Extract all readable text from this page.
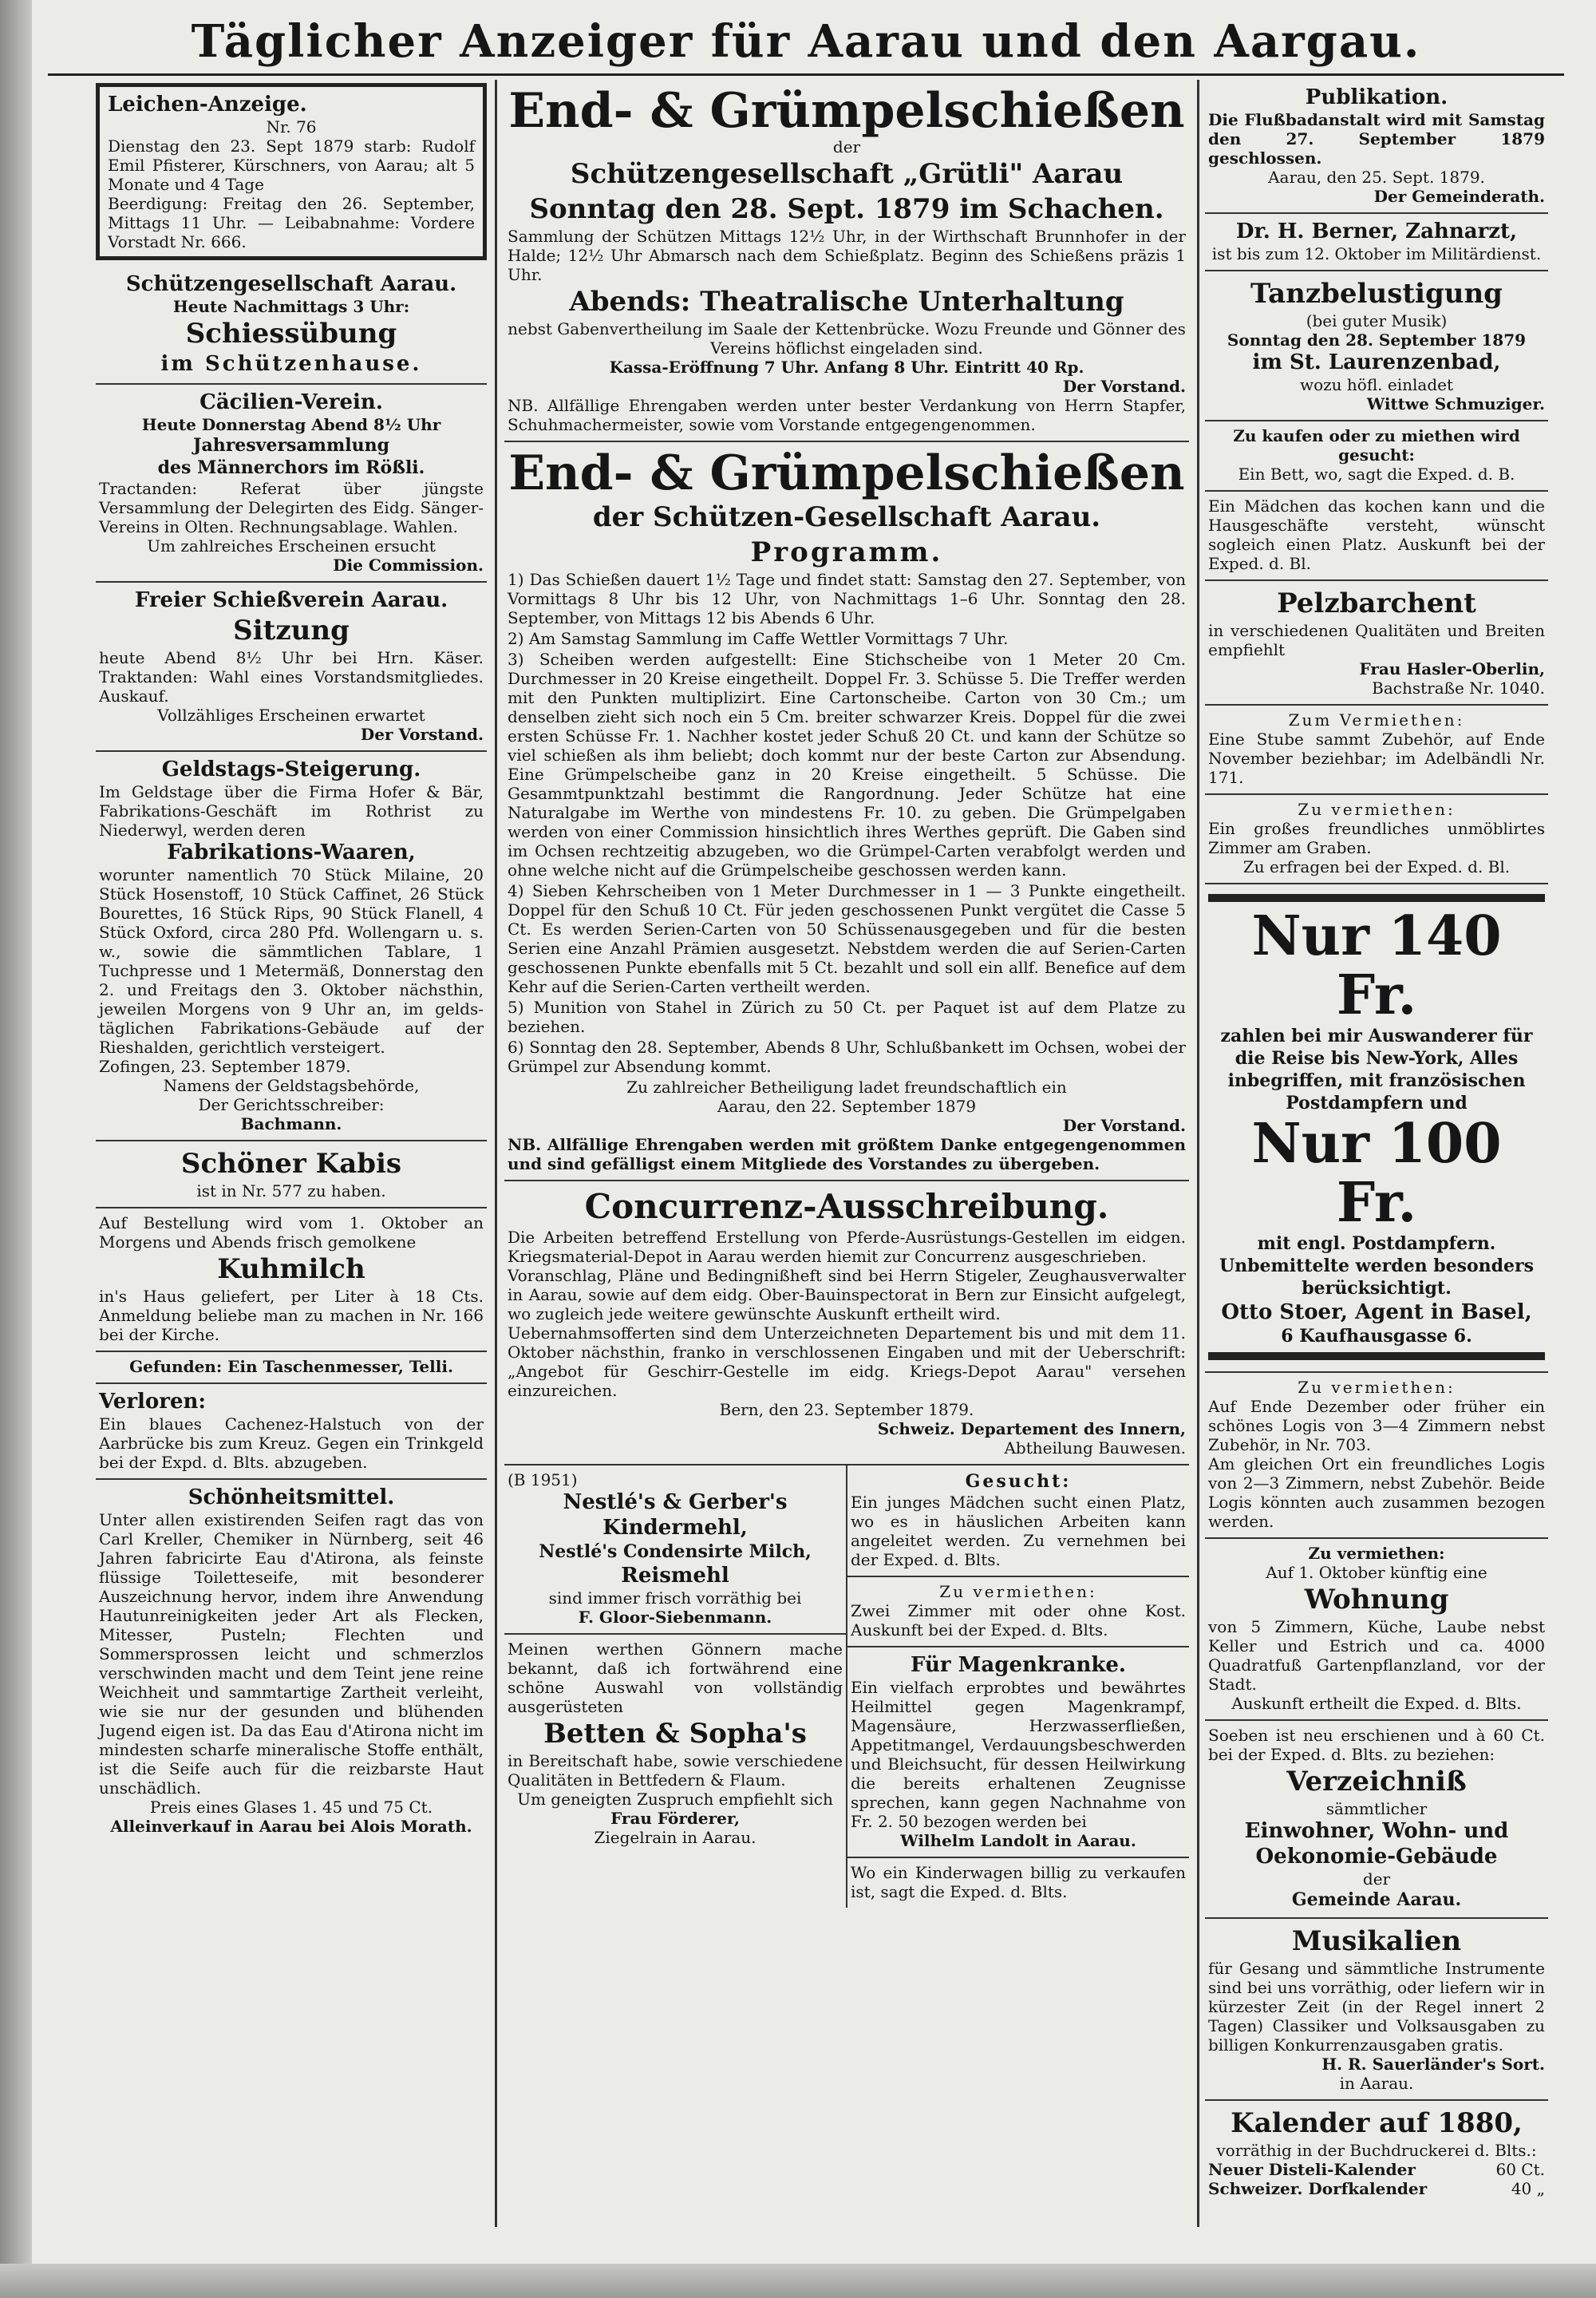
Täglicher Anzeiger für Aarau und den Aargau.

Leichen-Anzeige.

Nr. 76

Dienstag den 23. Sept 1879 starb: Rudolf Emil Pfisterer, Kürschners, von Aarau; alt 5 Monate und 4 Tage

Beerdigung: Freitag den 26. September, Mittags 11 Uhr. — Leibabnahme: Vordere Vorstadt Nr. 666.

Schützengesellschaft Aarau.

Heute Nachmittags 3 Uhr:

Schiessübung

im Schützenhause.

Cäcilien-Verein.

Heute Donnerstag Abend 8½ Uhr

Jahresversammlung

des Männerchors im Rößli.

Tractanden: Referat über jüngste Versammlung der Delegirten des Eidg. Sänger-Vereins in Olten. Rechnungsablage. Wahlen.

Um zahlreiches Erscheinen ersucht

Die Commission.

Freier Schießverein Aarau.

Sitzung

heute Abend 8½ Uhr bei Hrn. Käser. Traktanden: Wahl eines Vorstandsmitgliedes. Auskauf.

Vollzähliges Erscheinen erwartet

Der Vorstand.

Geldstags-Steigerung.

Im Geldstage über die Firma Hofer & Bär, Fabrikations-Geschäft im Rothrist zu Niederwyl, werden deren

Fabrikations-Waaren,

worunter namentlich 70 Stück Milaine, 20 Stück Hosenstoff, 10 Stück Caffinet, 26 Stück Bourettes, 16 Stück Rips, 90 Stück Flanell, 4 Stück Oxford, circa 280 Pfd. Wollengarn u. s. w., sowie die sämmtlichen Tablare, 1 Tuchpresse und 1 Metermäß, Donnerstag den 2. und Freitags den 3. Oktober nächsthin, jeweilen Morgens von 9 Uhr an, im gelds-täglichen Fabrikations-Gebäude auf der Rieshalden, gerichtlich versteigert.

Zofingen, 23. September 1879.

Namens der Geldstagsbehörde,

Der Gerichtsschreiber:

Bachmann.

Schöner Kabis

ist in Nr. 577 zu haben.

Auf Bestellung wird vom 1. Oktober an Morgens und Abends frisch gemolkene

Kuhmilch

in's Haus geliefert, per Liter à 18 Cts. Anmeldung beliebe man zu machen in Nr. 166 bei der Kirche.

Gefunden: Ein Taschenmesser, Telli.

Verloren:

Ein blaues Cachenez-Halstuch von der Aarbrücke bis zum Kreuz. Gegen ein Trinkgeld bei der Expd. d. Blts. abzugeben.

Schönheitsmittel.

Unter allen existirenden Seifen ragt das von Carl Kreller, Chemiker in Nürnberg, seit 46 Jahren fabricirte Eau d'Atirona, als feinste flüssige Toiletteseife, mit besonderer Auszeichnung hervor, indem ihre Anwendung Hautunreinigkeiten jeder Art als Flecken, Mitesser, Pusteln; Flechten und Sommersprossen leicht und schmerzlos verschwinden macht und dem Teint jene reine Weichheit und sammtartige Zartheit verleiht, wie sie nur der gesunden und blühenden Jugend eigen ist. Da das Eau d'Atirona nicht im mindesten scharfe mineralische Stoffe enthält, ist die Seife auch für die reizbarste Haut unschädlich.

Preis eines Glases 1. 45 und 75 Ct.

Alleinverkauf in Aarau bei Alois Morath.

End- & Grümpelschießen

der

Schützengesellschaft „Grütli" Aarau

Sonntag den 28. Sept. 1879 im Schachen.

Sammlung der Schützen Mittags 12½ Uhr, in der Wirthschaft Brunnhofer in der Halde; 12½ Uhr Abmarsch nach dem Schießplatz. Beginn des Schießens präzis 1 Uhr.

Abends: Theatralische Unterhaltung

nebst Gabenvertheilung im Saale der Kettenbrücke. Wozu Freunde und Gönner des Vereins höflichst eingeladen sind.

Kassa-Eröffnung 7 Uhr. Anfang 8 Uhr. Eintritt 40 Rp.

Der Vorstand.

NB. Allfällige Ehrengaben werden unter bester Verdankung von Herrn Stapfer, Schuhmachermeister, sowie vom Vorstande entgegengenommen.

End- & Grümpelschießen

der Schützen-Gesellschaft Aarau.

Programm.

1) Das Schießen dauert 1½ Tage und findet statt: Samstag den 27. September, von Vormittags 8 Uhr bis 12 Uhr, von Nachmittags 1–6 Uhr. Sonntag den 28. September, von Mittags 12 bis Abends 6 Uhr.

2) Am Samstag Sammlung im Caffe Wettler Vormittags 7 Uhr.

3) Scheiben werden aufgestellt: Eine Stichscheibe von 1 Meter 20 Cm. Durchmesser in 20 Kreise eingetheilt. Doppel Fr. 3. Schüsse 5. Die Treffer werden mit den Punkten multiplizirt. Eine Cartonscheibe. Carton von 30 Cm.; um denselben zieht sich noch ein 5 Cm. breiter schwarzer Kreis. Doppel für die zwei ersten Schüsse Fr. 1. Nachher kostet jeder Schuß 20 Ct. und kann der Schütze so viel schießen als ihm beliebt; doch kommt nur der beste Carton zur Absendung. Eine Grümpelscheibe ganz in 20 Kreise eingetheilt. 5 Schüsse. Die Gesammtpunktzahl bestimmt die Rangordnung. Jeder Schütze hat eine Naturalgabe im Werthe von mindestens Fr. 10. zu geben. Die Grümpelgaben werden von einer Commission hinsichtlich ihres Werthes geprüft. Die Gaben sind im Ochsen rechtzeitig abzugeben, wo die Grümpel-Carten verabfolgt werden und ohne welche nicht auf die Grümpelscheibe geschossen werden kann.

4) Sieben Kehrscheiben von 1 Meter Durchmesser in 1 — 3 Punkte eingetheilt. Doppel für den Schuß 10 Ct. Für jeden geschossenen Punkt vergütet die Casse 5 Ct. Es werden Serien-Carten von 50 Schüssenausgegeben und für die besten Serien eine Anzahl Prämien ausgesetzt. Nebstdem werden die auf Serien-Carten geschossenen Punkte ebenfalls mit 5 Ct. bezahlt und soll ein allf. Benefice auf dem Kehr auf die Serien-Carten vertheilt werden.

5) Munition von Stahel in Zürich zu 50 Ct. per Paquet ist auf dem Platze zu beziehen.

6) Sonntag den 28. September, Abends 8 Uhr, Schlußbankett im Ochsen, wobei der Grümpel zur Absendung kommt.

Zu zahlreicher Betheiligung ladet freundschaftlich ein

Aarau, den 22. September 1879

Der Vorstand.

NB. Allfällige Ehrengaben werden mit größtem Danke entgegengenommen und sind gefälligst einem Mitgliede des Vorstandes zu übergeben.

Concurrenz-Ausschreibung.

Die Arbeiten betreffend Erstellung von Pferde-Ausrüstungs-Gestellen im eidgen. Kriegsmaterial-Depot in Aarau werden hiemit zur Concurrenz ausgeschrieben.

Voranschlag, Pläne und Bedingnißheft sind bei Herrn Stigeler, Zeughausverwalter in Aarau, sowie auf dem eidg. Ober-Bauinspectorat in Bern zur Einsicht aufgelegt, wo zugleich jede weitere gewünschte Auskunft ertheilt wird.

Uebernahmsofferten sind dem Unterzeichneten Departement bis und mit dem 11. Oktober nächsthin, franko in verschlossenen Eingaben und mit der Ueberschrift: „Angebot für Geschirr-Gestelle im eidg. Kriegs-Depot Aarau" versehen einzureichen.

Bern, den 23. September 1879.

Schweiz. Departement des Innern,

Abtheilung Bauwesen.

(B 1951)

Nestlé's & Gerber's

Kindermehl,

Nestlé's Condensirte Milch,

Reismehl

sind immer frisch vorräthig bei

F. Gloor-Siebenmann.

Meinen werthen Gönnern mache bekannt, daß ich fortwährend eine schöne Auswahl von vollständig ausgerüsteten

Betten & Sopha's

in Bereitschaft habe, sowie verschiedene Qualitäten in Bettfedern & Flaum.

Um geneigten Zuspruch empfiehlt sich

Frau Förderer,

Ziegelrain in Aarau.

Gesucht:

Ein junges Mädchen sucht einen Platz, wo es in häuslichen Arbeiten kann angeleitet werden. Zu vernehmen bei der Exped. d. Blts.

Zu vermiethen:

Zwei Zimmer mit oder ohne Kost. Auskunft bei der Exped. d. Blts.

Für Magenkranke.

Ein vielfach erprobtes und bewährtes Heilmittel gegen Magenkrampf, Magensäure, Herzwasserfließen, Appetitmangel, Verdauungsbeschwerden und Bleichsucht, für dessen Heilwirkung die bereits erhaltenen Zeugnisse sprechen, kann gegen Nachnahme von Fr. 2. 50 bezogen werden bei

Wilhelm Landolt in Aarau.

Wo ein Kinderwagen billig zu verkaufen ist, sagt die Exped. d. Blts.

Publikation.

Die Flußbadanstalt wird mit Samstag den 27. September 1879 geschlossen.

Aarau, den 25. Sept. 1879.

Der Gemeinderath.

Dr. H. Berner, Zahnarzt,

ist bis zum 12. Oktober im Militärdienst.

Tanzbelustigung

(bei guter Musik)

Sonntag den 28. September 1879

im St. Laurenzenbad,

wozu höfl. einladet

Wittwe Schmuziger.

Zu kaufen oder zu miethen wird gesucht:

Ein Bett, wo, sagt die Exped. d. B.

Ein Mädchen das kochen kann und die Hausgeschäfte versteht, wünscht sogleich einen Platz. Auskunft bei der Exped. d. Bl.

Pelzbarchent

in verschiedenen Qualitäten und Breiten empfiehlt

Frau Hasler-Oberlin,

Bachstraße Nr. 1040.

Zum Vermiethen:

Eine Stube sammt Zubehör, auf Ende November beziehbar; im Adelbändli Nr. 171.

Zu vermiethen:

Ein großes freundliches unmöblirtes Zimmer am Graben.

Zu erfragen bei der Exped. d. Bl.

Nur 140 Fr.

zahlen bei mir Auswanderer für die Reise bis New-York, Alles inbegriffen, mit französischen Postdampfern und

Nur 100 Fr.

mit engl. Postdampfern. Unbemittelte werden besonders berücksichtigt.

Otto Stoer, Agent in Basel,

6 Kaufhausgasse 6.

Zu vermiethen:

Auf Ende Dezember oder früher ein schönes Logis von 3—4 Zimmern nebst Zubehör, in Nr. 703.

Am gleichen Ort ein freundliches Logis von 2—3 Zimmern, nebst Zubehör. Beide Logis könnten auch zusammen bezogen werden.

Zu vermiethen:

Auf 1. Oktober künftig eine

Wohnung

von 5 Zimmern, Küche, Laube nebst Keller und Estrich und ca. 4000 Quadratfuß Gartenpflanzland, vor der Stadt.

Auskunft ertheilt die Exped. d. Blts.

Soeben ist neu erschienen und à 60 Ct. bei der Exped. d. Blts. zu beziehen:

Verzeichniß

sämmtlicher

Einwohner, Wohn- und

Oekonomie-Gebäude

der

Gemeinde Aarau.

Musikalien

für Gesang und sämmtliche Instrumente sind bei uns vorräthig, oder liefern wir in kürzester Zeit (in der Regel innert 2 Tagen) Classiker und Volksausgaben zu billigen Konkurrenzausgaben gratis.

H. R. Sauerländer's Sort.

in Aarau.

Kalender auf 1880,

vorräthig in der Buchdruckerei d. Blts.:

Neuer Disteli-Kalender	60 Ct.
Schweizer. Dorfkalender	40 „
